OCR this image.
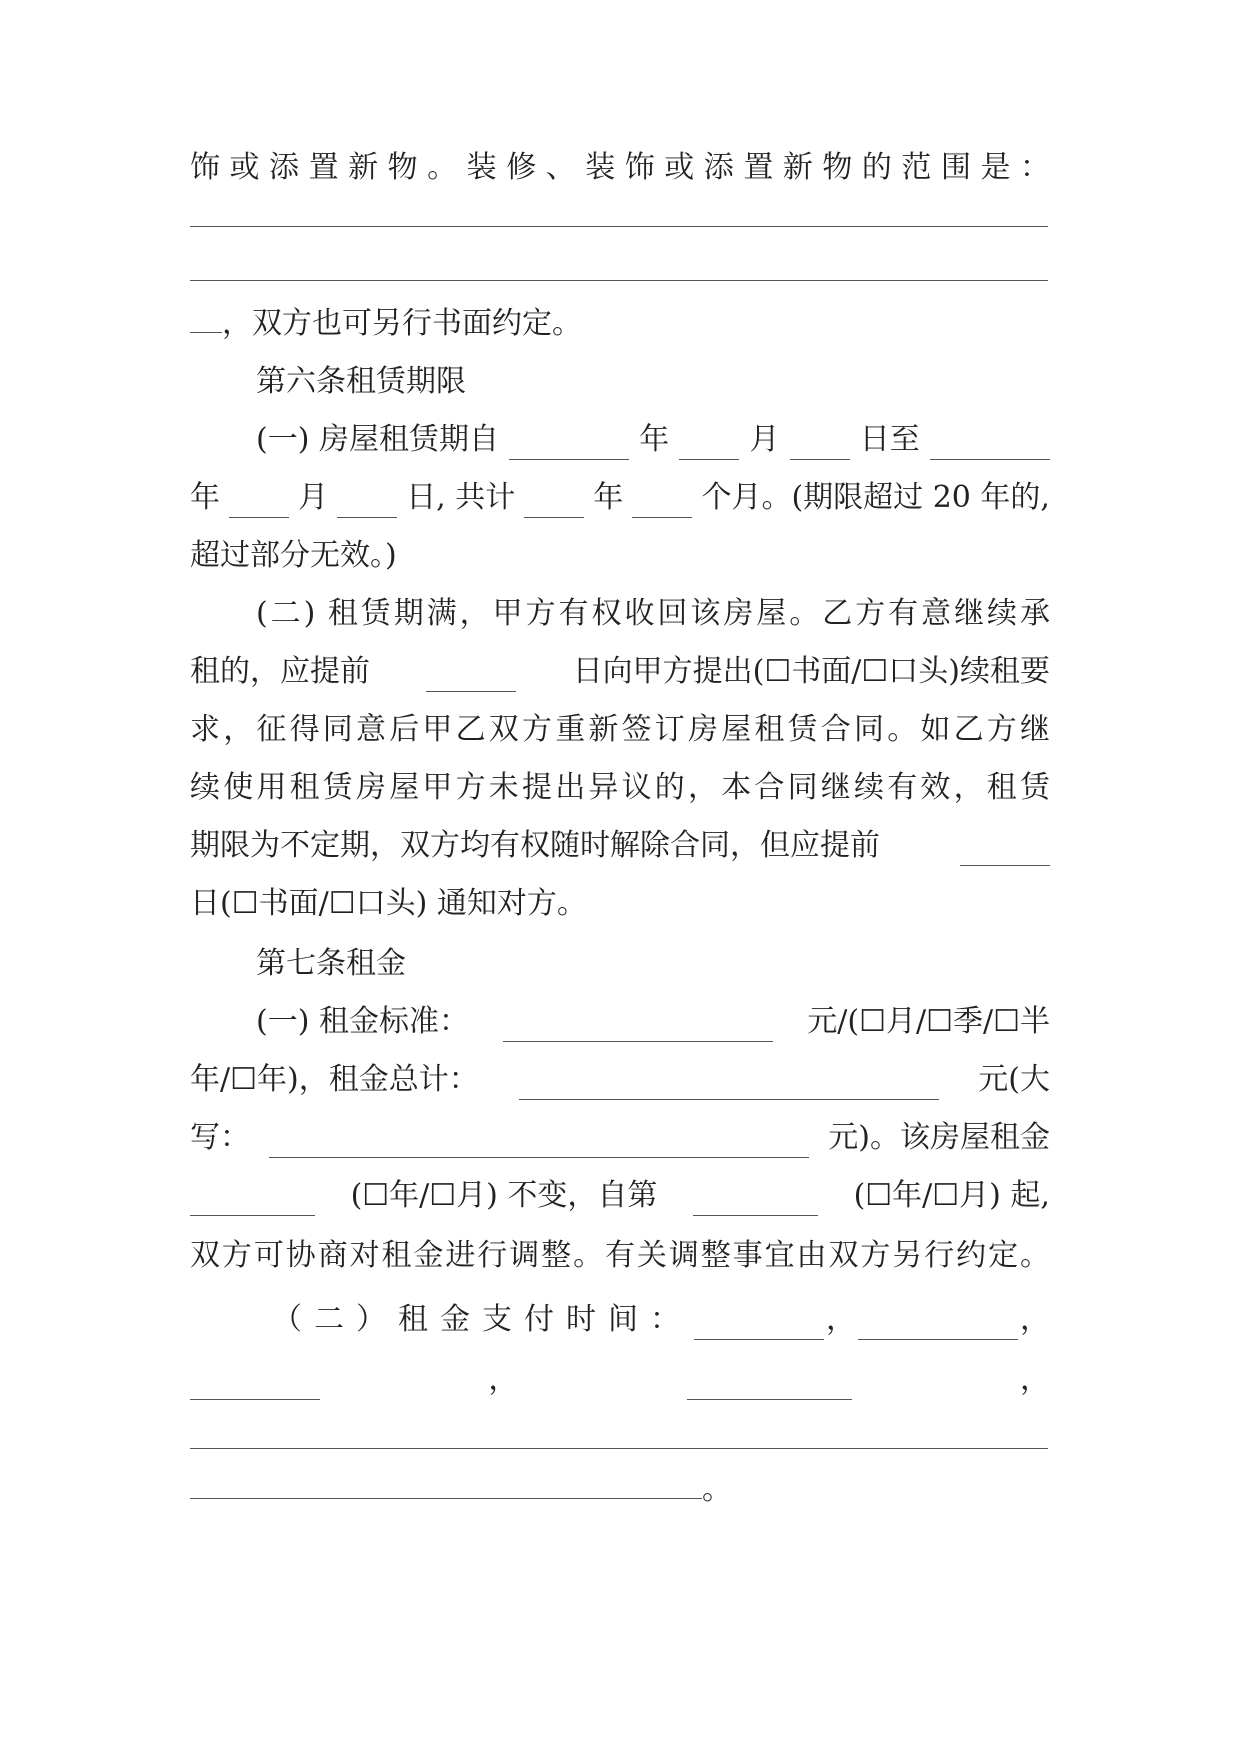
饰或添置新物。装修、装饰或添置新物的范围是：
，双方也可另行书面约定。
第六条租赁期限
(一) 房屋租赁期自	年	月	日至
年	月	日, 共计	年	个月。(期限超过 20 年的,
超过部分无效。)
(二) 租赁期满，甲方有权收回该房屋。乙方有意继续承
租的，应提前	日向甲方提出(☐书面/☐口头)续租要
求，征得同意后甲乙双方重新签订房屋租赁合同。如乙方继
续使用租赁房屋甲方未提出异议的，本合同继续有效，租赁
期限为不定期，双方均有权随时解除合同，但应提前
日(☐书面/☐口头) 通知对方。
第七条租金
(一) 租金标准：	元/(☐月/☐季/☐半
年/☐年)，租金总计：	元(大
写：	元)。该房屋租金
(☐年/☐月) 不变，自第	(☐年/☐月) 起,
双方可协商对租金进行调整。有关调整事宜由双方另行约定。
（二）租金支付时间：	，	，
，	，
。
